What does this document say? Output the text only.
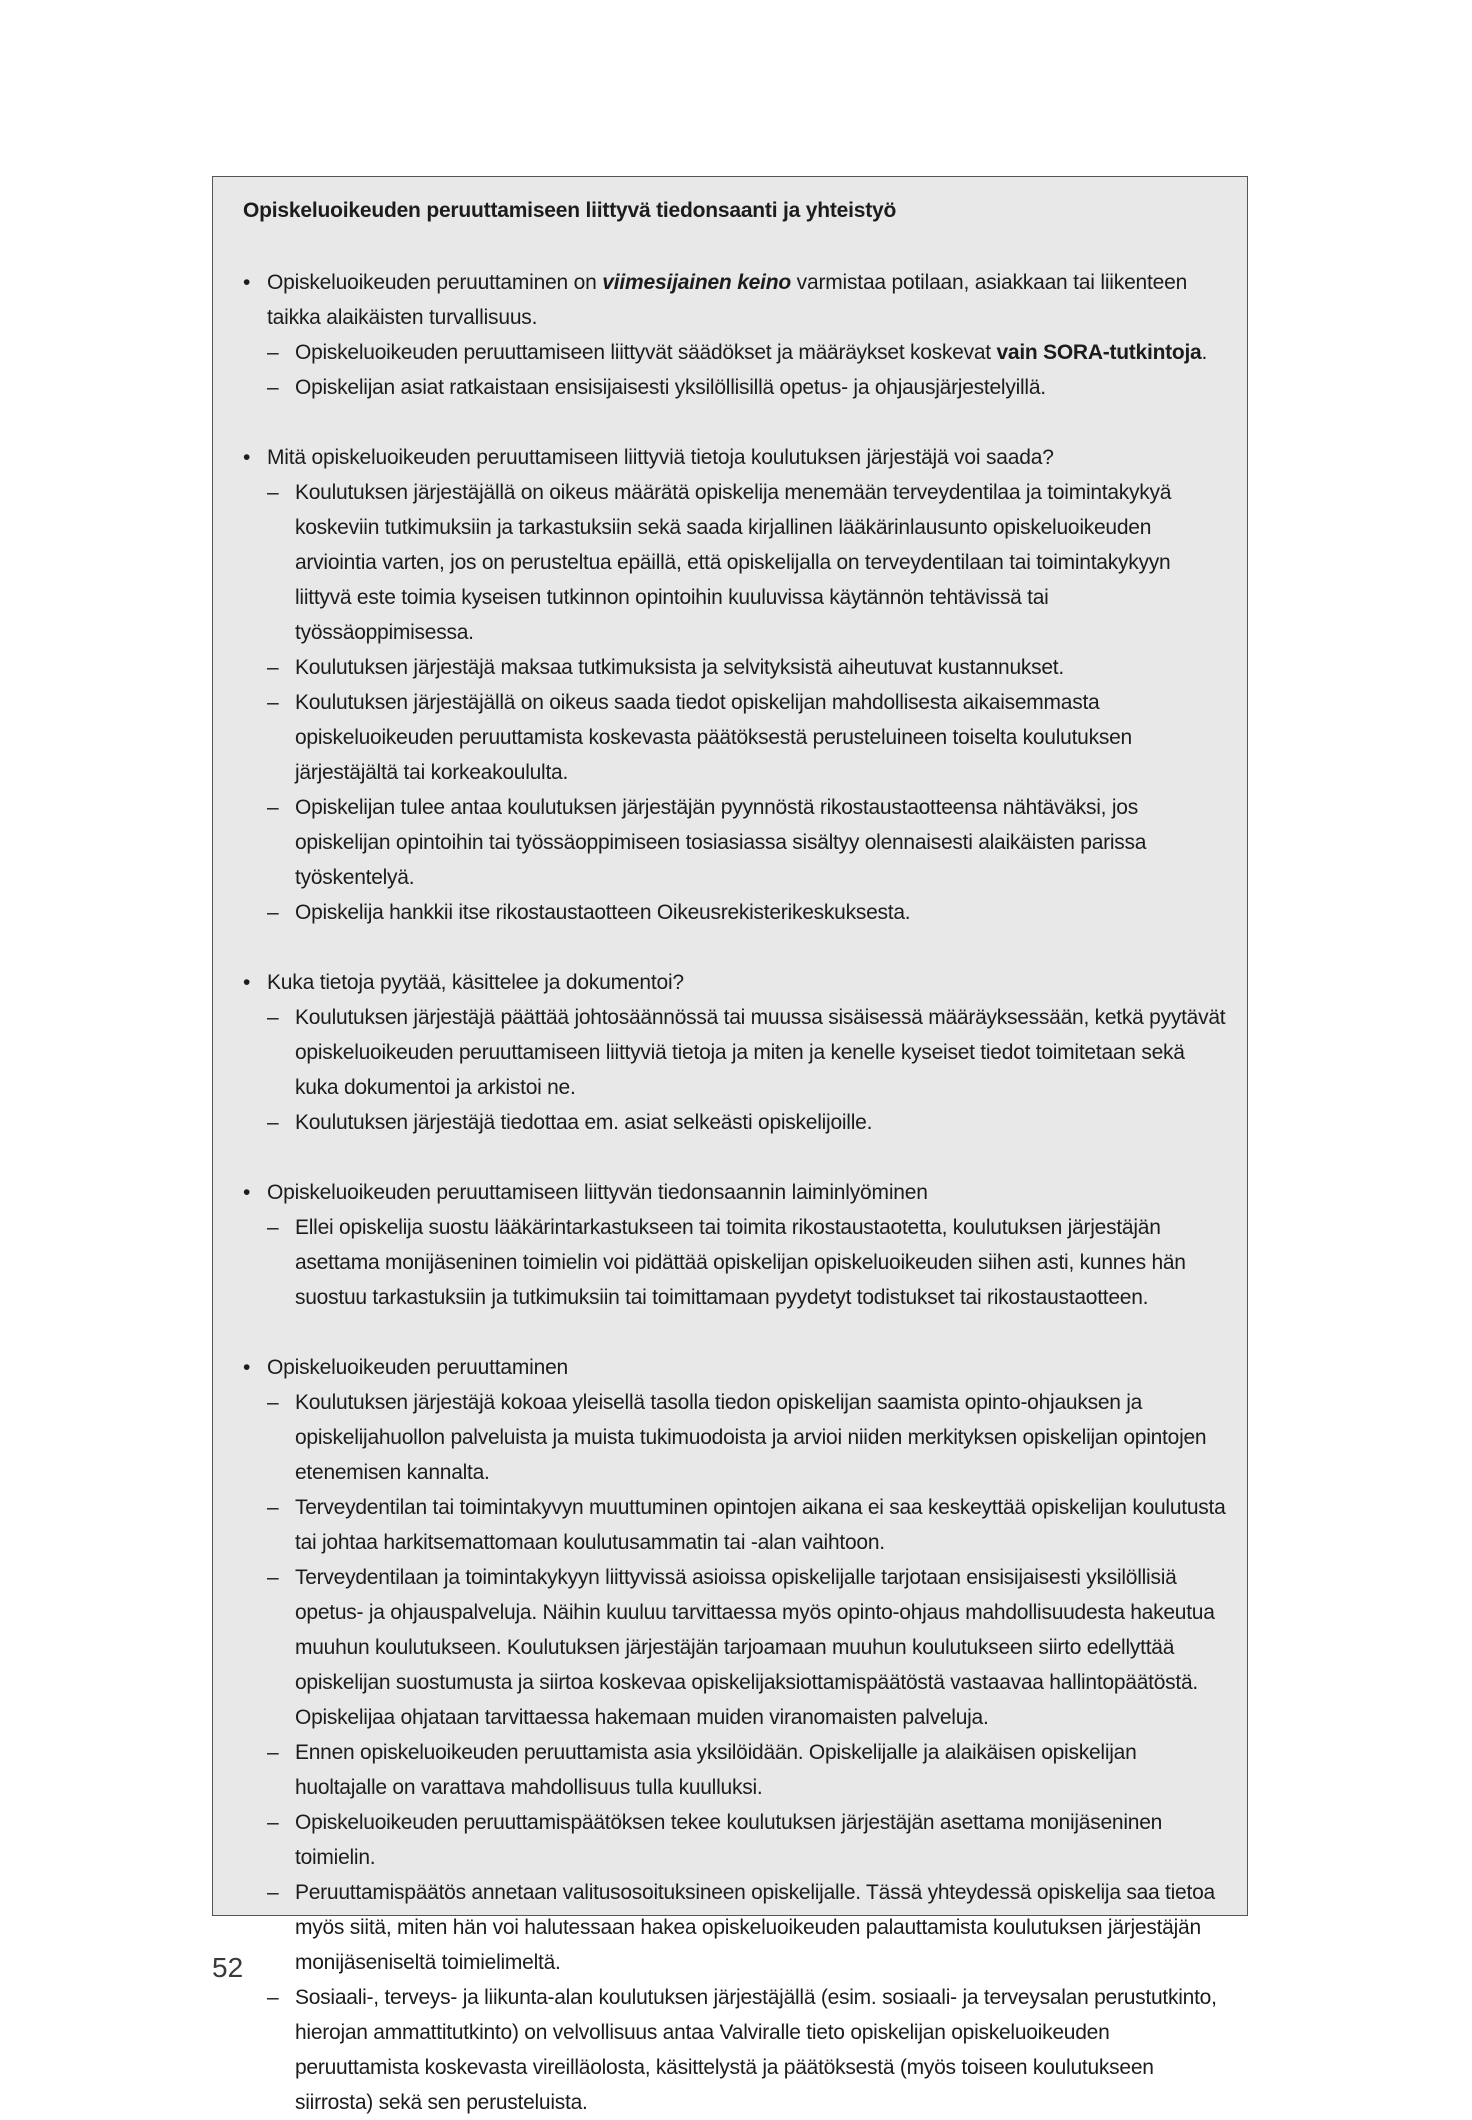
Opiskeluoikeuden peruuttamiseen liittyvä tiedonsaanti ja yhteistyö
• Opiskeluoikeuden peruuttaminen on viimesijainen keino varmistaa potilaan, asiakkaan tai liikenteen taikka alaikäisten turvallisuus.
– Opiskeluoikeuden peruuttamiseen liittyvät säädökset ja määräykset koskevat vain SORA-tutkintoja.
– Opiskelijan asiat ratkaistaan ensisijaisesti yksilöllisillä opetus- ja ohjausjärjestelyillä.
• Mitä opiskeluoikeuden peruuttamiseen liittyviä tietoja koulutuksen järjestäjä voi saada?
– Koulutuksen järjestäjällä on oikeus määrätä opiskelija menemään terveydentilaa ja toimintakykyä koskeviin tutkimuksiin ja tarkastuksiin sekä saada kirjallinen lääkärinlausunto opiskeluoikeuden arviointia varten, jos on perusteltua epäillä, että opiskelijalla on terveydentilaan tai toimintakykyyn liittyvä este toimia kyseisen tutkinnon opintoihin kuuluvissa käytännön tehtävissä tai työssäoppimisessa.
– Koulutuksen järjestäjä maksaa tutkimuksista ja selvityksistä aiheutuvat kustannukset.
– Koulutuksen järjestäjällä on oikeus saada tiedot opiskelijan mahdollisesta aikaisemmasta opiskeluoikeuden peruuttamista koskevasta päätöksestä perusteluineen toiselta koulutuksen järjestäjältä tai korkeakoululta.
– Opiskelijan tulee antaa koulutuksen järjestäjän pyynnöstä rikostaustaotteensa nähtäväksi, jos opiskelijan opintoihin tai työssäoppimiseen tosiasiassa sisältyy olennaisesti alaikäisten parissa työskentelyä.
– Opiskelija hankkii itse rikostaustaotteen Oikeusrekisterikeskuksesta.
• Kuka tietoja pyytää, käsittelee ja dokumentoi?
– Koulutuksen järjestäjä päättää johtosäännössä tai muussa sisäisessä määräyksessään, ketkä pyytävät opiskeluoikeuden peruuttamiseen liittyviä tietoja ja miten ja kenelle kyseiset tiedot toimitetaan sekä kuka dokumentoi ja arkistoi ne.
– Koulutuksen järjestäjä tiedottaa em. asiat selkeästi opiskelijoille.
• Opiskeluoikeuden peruuttamiseen liittyvän tiedonsaannin laiminlyöminen
– Ellei opiskelija suostu lääkärintarkastukseen tai toimita rikostaustaotetta, koulutuksen järjestäjän asettama monijäseninen toimielin voi pidättää opiskelijan opiskeluoikeuden siihen asti, kunnes hän suostuu tarkastuksiin ja tutkimuksiin tai toimittamaan pyydetyt todistukset tai rikostaustaotteen.
• Opiskeluoikeuden peruuttaminen
– Koulutuksen järjestäjä kokoaa yleisellä tasolla tiedon opiskelijan saamista opinto-ohjauksen ja opiskelijahuollon palveluista ja muista tukimuodoista ja arvioi niiden merkityksen opiskelijan opintojen etenemisen kannalta.
– Terveydentilan tai toimintakyvyn muuttuminen opintojen aikana ei saa keskeyttää opiskelijan koulutusta tai johtaa harkitsemattomaan koulutusammatin tai -alan vaihtoon.
– Terveydentilaan ja toimintakykyyn liittyvissä asioissa opiskelijalle tarjotaan ensisijaisesti yksilöllisiä opetus- ja ohjauspalveluja. Näihin kuuluu tarvittaessa myös opinto-ohjaus mahdollisuudesta hakeutua muuhun koulutukseen. Koulutuksen järjestäjän tarjoamaan muuhun koulutukseen siirto edellyttää opiskelijan suostumusta ja siirtoa koskevaa opiskelijaksiottamispäätöstä vastaavaa hallintopäätöstä. Opiskelijaa ohjataan tarvittaessa hakemaan muiden viranomaisten palveluja.
– Ennen opiskeluoikeuden peruuttamista asia yksilöidään. Opiskelijalle ja alaikäisen opiskelijan huoltajalle on varattava mahdollisuus tulla kuulluksi.
– Opiskeluoikeuden peruuttamispäätöksen tekee koulutuksen järjestäjän asettama monijäseninen toimielin.
– Peruuttamispäätös annetaan valitusosoituksineen opiskelijalle. Tässä yhteydessä opiskelija saa tietoa myös siitä, miten hän voi halutessaan hakea opiskeluoikeuden palauttamista koulutuksen järjestäjän monijäseniseltä toimielimeltä.
– Sosiaali-, terveys- ja liikunta-alan koulutuksen järjestäjällä (esim. sosiaali- ja terveysalan perustutkinto, hierojan ammattitutkinto) on velvollisuus antaa Valviralle tieto opiskelijan opiskeluoikeuden peruuttamista koskevasta vireilläolosta, käsittelystä ja päätöksestä (myös toiseen koulutukseen siirrosta) sekä sen perusteluista.
52
